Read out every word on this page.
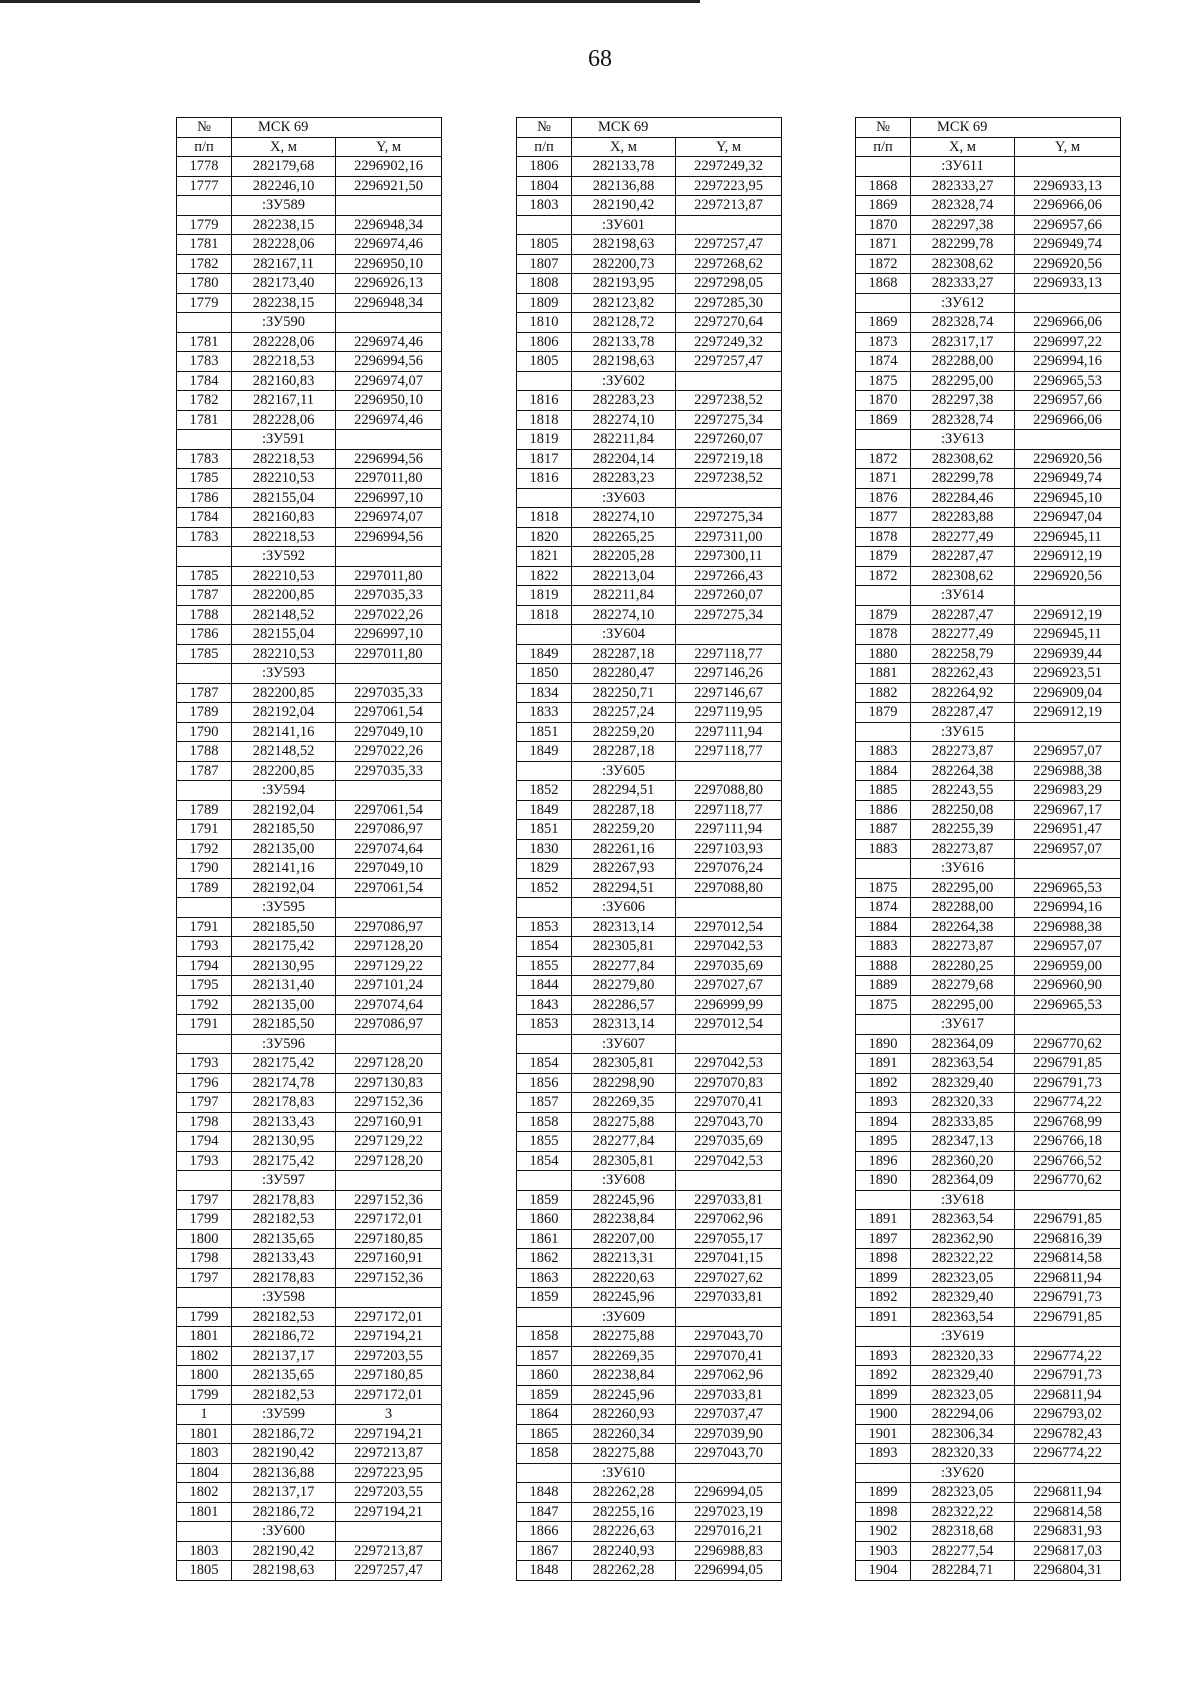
68
№	МСК 69	
п/п	X, м	Y, м
1778	282179,68	2296902,16
1777	282246,10	2296921,50
	:ЗУ589	
1779	282238,15	2296948,34
1781	282228,06	2296974,46
1782	282167,11	2296950,10
1780	282173,40	2296926,13
1779	282238,15	2296948,34
	:ЗУ590	
1781	282228,06	2296974,46
1783	282218,53	2296994,56
1784	282160,83	2296974,07
1782	282167,11	2296950,10
1781	282228,06	2296974,46
	:ЗУ591	
1783	282218,53	2296994,56
1785	282210,53	2297011,80
1786	282155,04	2296997,10
1784	282160,83	2296974,07
1783	282218,53	2296994,56
	:ЗУ592	
1785	282210,53	2297011,80
1787	282200,85	2297035,33
1788	282148,52	2297022,26
1786	282155,04	2296997,10
1785	282210,53	2297011,80
	:ЗУ593	
1787	282200,85	2297035,33
1789	282192,04	2297061,54
1790	282141,16	2297049,10
1788	282148,52	2297022,26
1787	282200,85	2297035,33
	:ЗУ594	
1789	282192,04	2297061,54
1791	282185,50	2297086,97
1792	282135,00	2297074,64
1790	282141,16	2297049,10
1789	282192,04	2297061,54
	:ЗУ595	
1791	282185,50	2297086,97
1793	282175,42	2297128,20
1794	282130,95	2297129,22
1795	282131,40	2297101,24
1792	282135,00	2297074,64
1791	282185,50	2297086,97
	:ЗУ596	
1793	282175,42	2297128,20
1796	282174,78	2297130,83
1797	282178,83	2297152,36
1798	282133,43	2297160,91
1794	282130,95	2297129,22
1793	282175,42	2297128,20
	:ЗУ597	
1797	282178,83	2297152,36
1799	282182,53	2297172,01
1800	282135,65	2297180,85
1798	282133,43	2297160,91
1797	282178,83	2297152,36
	:ЗУ598	
1799	282182,53	2297172,01
1801	282186,72	2297194,21
1802	282137,17	2297203,55
1800	282135,65	2297180,85
1799	282182,53	2297172,01
1	:ЗУ599	3
1801	282186,72	2297194,21
1803	282190,42	2297213,87
1804	282136,88	2297223,95
1802	282137,17	2297203,55
1801	282186,72	2297194,21
	:ЗУ600	
1803	282190,42	2297213,87
1805	282198,63	2297257,47
№	МСК 69	
п/п	X, м	Y, м
1806	282133,78	2297249,32
1804	282136,88	2297223,95
1803	282190,42	2297213,87
	:ЗУ601	
1805	282198,63	2297257,47
1807	282200,73	2297268,62
1808	282193,95	2297298,05
1809	282123,82	2297285,30
1810	282128,72	2297270,64
1806	282133,78	2297249,32
1805	282198,63	2297257,47
	:ЗУ602	
1816	282283,23	2297238,52
1818	282274,10	2297275,34
1819	282211,84	2297260,07
1817	282204,14	2297219,18
1816	282283,23	2297238,52
	:ЗУ603	
1818	282274,10	2297275,34
1820	282265,25	2297311,00
1821	282205,28	2297300,11
1822	282213,04	2297266,43
1819	282211,84	2297260,07
1818	282274,10	2297275,34
	:ЗУ604	
1849	282287,18	2297118,77
1850	282280,47	2297146,26
1834	282250,71	2297146,67
1833	282257,24	2297119,95
1851	282259,20	2297111,94
1849	282287,18	2297118,77
	:ЗУ605	
1852	282294,51	2297088,80
1849	282287,18	2297118,77
1851	282259,20	2297111,94
1830	282261,16	2297103,93
1829	282267,93	2297076,24
1852	282294,51	2297088,80
	:ЗУ606	
1853	282313,14	2297012,54
1854	282305,81	2297042,53
1855	282277,84	2297035,69
1844	282279,80	2297027,67
1843	282286,57	2296999,99
1853	282313,14	2297012,54
	:ЗУ607	
1854	282305,81	2297042,53
1856	282298,90	2297070,83
1857	282269,35	2297070,41
1858	282275,88	2297043,70
1855	282277,84	2297035,69
1854	282305,81	2297042,53
	:ЗУ608	
1859	282245,96	2297033,81
1860	282238,84	2297062,96
1861	282207,00	2297055,17
1862	282213,31	2297041,15
1863	282220,63	2297027,62
1859	282245,96	2297033,81
	:ЗУ609	
1858	282275,88	2297043,70
1857	282269,35	2297070,41
1860	282238,84	2297062,96
1859	282245,96	2297033,81
1864	282260,93	2297037,47
1865	282260,34	2297039,90
1858	282275,88	2297043,70
	:ЗУ610	
1848	282262,28	2296994,05
1847	282255,16	2297023,19
1866	282226,63	2297016,21
1867	282240,93	2296988,83
1848	282262,28	2296994,05
№	МСК 69	
п/п	X, м	Y, м
	:ЗУ611	
1868	282333,27	2296933,13
1869	282328,74	2296966,06
1870	282297,38	2296957,66
1871	282299,78	2296949,74
1872	282308,62	2296920,56
1868	282333,27	2296933,13
	:ЗУ612	
1869	282328,74	2296966,06
1873	282317,17	2296997,22
1874	282288,00	2296994,16
1875	282295,00	2296965,53
1870	282297,38	2296957,66
1869	282328,74	2296966,06
	:ЗУ613	
1872	282308,62	2296920,56
1871	282299,78	2296949,74
1876	282284,46	2296945,10
1877	282283,88	2296947,04
1878	282277,49	2296945,11
1879	282287,47	2296912,19
1872	282308,62	2296920,56
	:ЗУ614	
1879	282287,47	2296912,19
1878	282277,49	2296945,11
1880	282258,79	2296939,44
1881	282262,43	2296923,51
1882	282264,92	2296909,04
1879	282287,47	2296912,19
	:ЗУ615	
1883	282273,87	2296957,07
1884	282264,38	2296988,38
1885	282243,55	2296983,29
1886	282250,08	2296967,17
1887	282255,39	2296951,47
1883	282273,87	2296957,07
	:ЗУ616	
1875	282295,00	2296965,53
1874	282288,00	2296994,16
1884	282264,38	2296988,38
1883	282273,87	2296957,07
1888	282280,25	2296959,00
1889	282279,68	2296960,90
1875	282295,00	2296965,53
	:ЗУ617	
1890	282364,09	2296770,62
1891	282363,54	2296791,85
1892	282329,40	2296791,73
1893	282320,33	2296774,22
1894	282333,85	2296768,99
1895	282347,13	2296766,18
1896	282360,20	2296766,52
1890	282364,09	2296770,62
	:ЗУ618	
1891	282363,54	2296791,85
1897	282362,90	2296816,39
1898	282322,22	2296814,58
1899	282323,05	2296811,94
1892	282329,40	2296791,73
1891	282363,54	2296791,85
	:ЗУ619	
1893	282320,33	2296774,22
1892	282329,40	2296791,73
1899	282323,05	2296811,94
1900	282294,06	2296793,02
1901	282306,34	2296782,43
1893	282320,33	2296774,22
	:ЗУ620	
1899	282323,05	2296811,94
1898	282322,22	2296814,58
1902	282318,68	2296831,93
1903	282277,54	2296817,03
1904	282284,71	2296804,31
